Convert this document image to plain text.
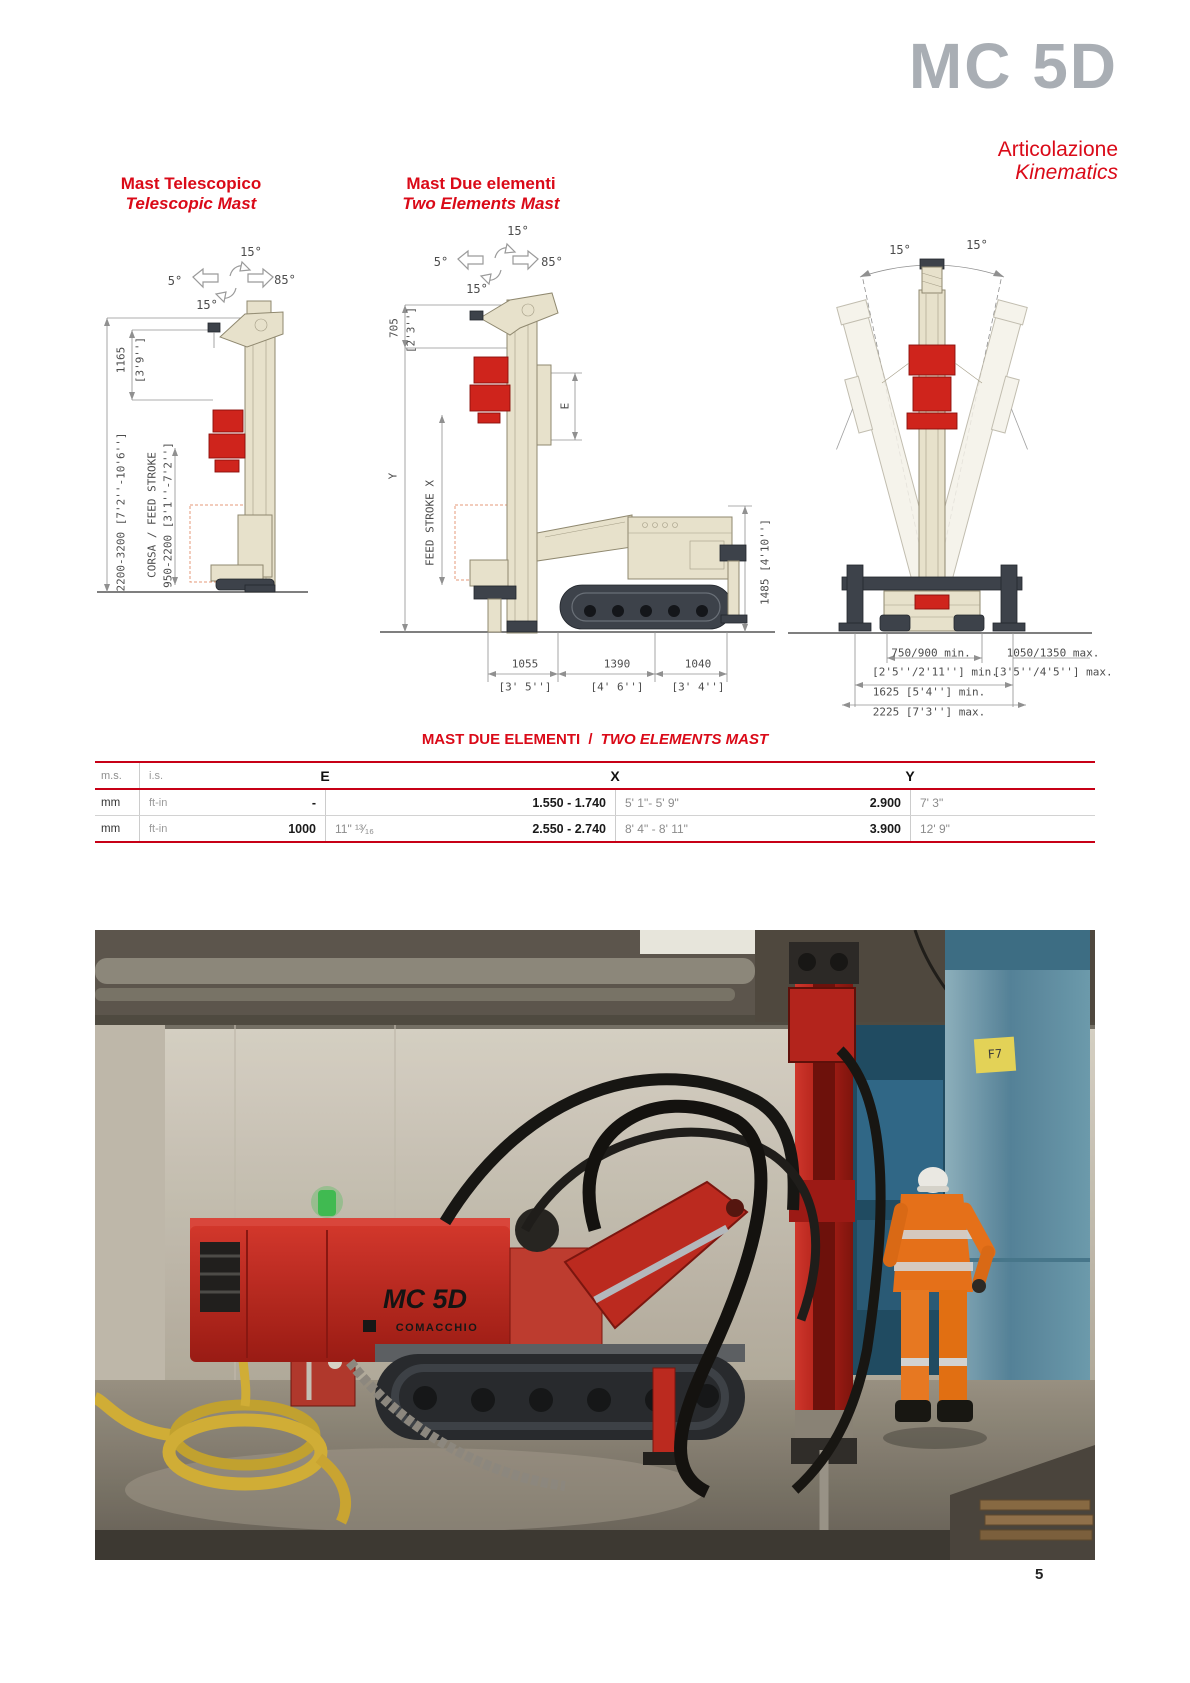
MC 5D
Articolazione
Kinematics
Mast Telescopico
Telescopic Mast
15°
5°	85°
15°
1165 [3'9'']
2200-3200 [7'2''-10'6''] CORSA / FEED STROKE 950-2200 [3'1''-7'2'']
Mast Due elementi
Two Elements Mast
15°
5°	85°
15°
705 [2'3'']
Y
FEED STROKE X
E
1485 [4'10'']
1055
[3' 5'']
1390
[4' 6'']
1040
[3' 4'']
15°	15°
750/900 min.
[2'5''/2'11''] min.
1050/1350 max.
[3'5''/4'5''] max.
1625 [5'4''] min.
2225 [7'3''] max.
MAST DUE ELEMENTI / TWO ELEMENTS MAST
m.s.	i.s.	E	X	Y
mm	ft-in	-	1.550 - 1.740	5' 1"- 5' 9"	2.900	7' 3"
mm	ft-in	1000	11" ¹³⁄₁₆	2.550 - 2.740	8' 4" - 8' 11"	3.900	12' 9"
F7
MC 5D
COMACCHIO
5
